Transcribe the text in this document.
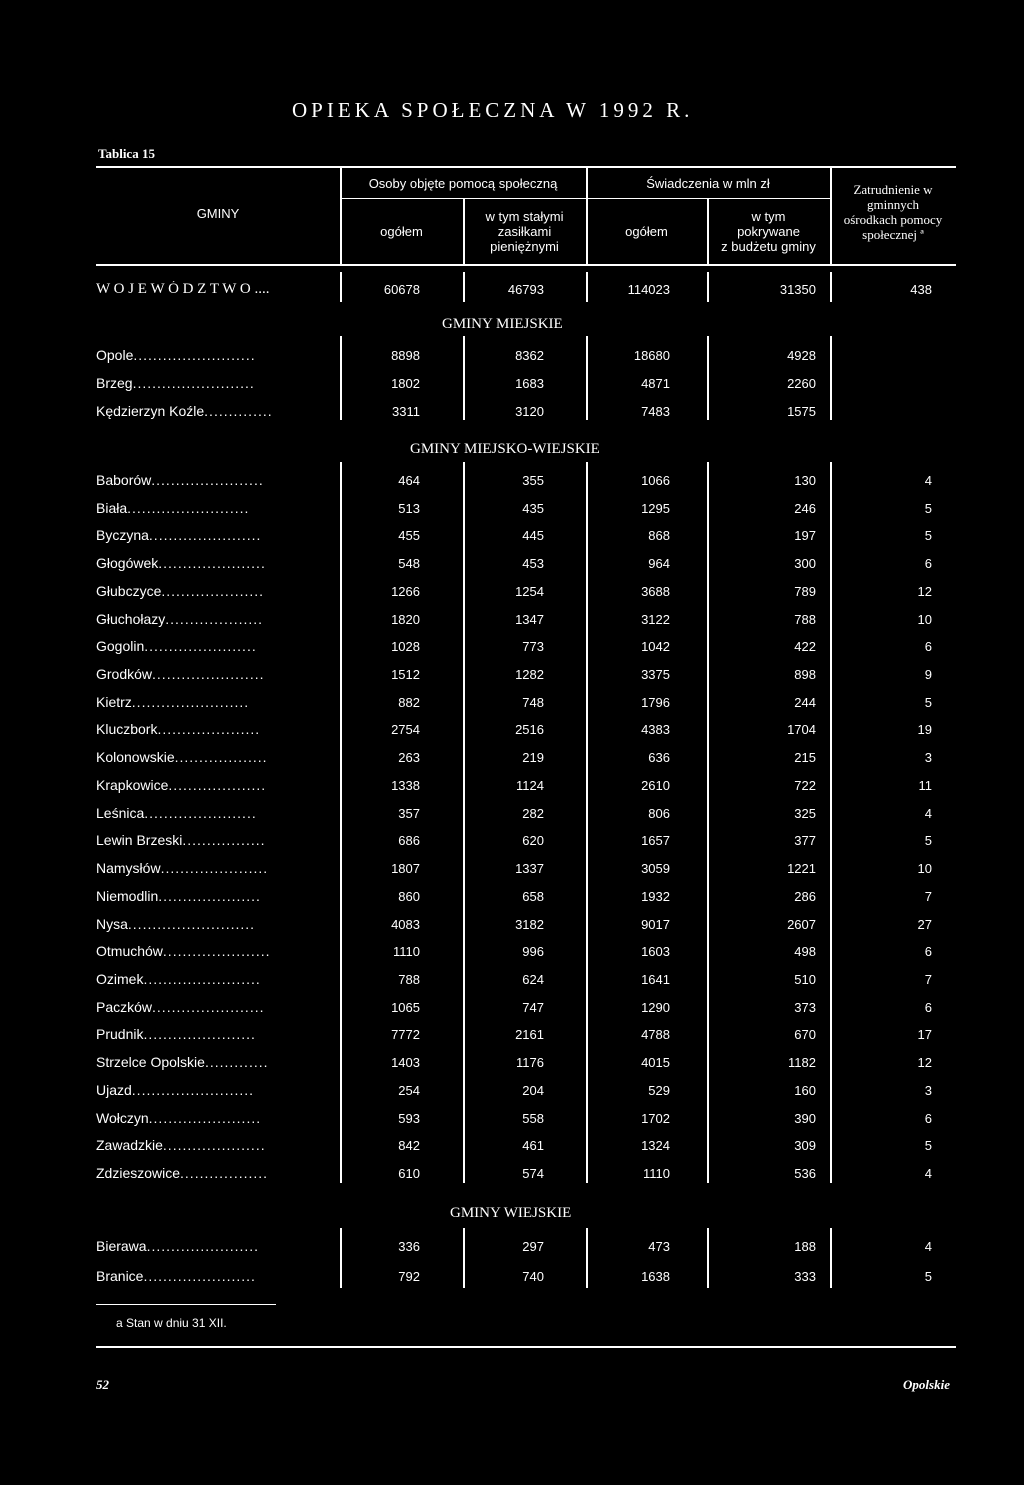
OPIEKA SPOŁECZNA W 1992 R.
Tablica 15
GMINY
Osoby objęte pomocą społeczną
ogółem
w tym stałymi
zasiłkami
pieniężnymi
Świadczenia w mln zł
ogółem
w tym
pokrywane
z budżetu gminy
Zatrudnienie w
gminnych
ośrodkach pomocy
społecznej ª
W O J E W Ó D Z T W O ....	60678	46793	114023	31350	438
GMINY MIEJSKIE
Opole.........................	8898	8362	18680	4928
Brzeg.........................	1802	1683	4871	2260
Kędzierzyn Koźle..............	3311	3120	7483	1575
GMINY MIEJSKO-WIEJSKIE
Baborów.......................	464	355	1066	130	4
Biała.........................	513	435	1295	246	5
Byczyna.......................	455	445	868	197	5
Głogówek......................	548	453	964	300	6
Głubczyce.....................	1266	1254	3688	789	12
Głuchołazy....................	1820	1347	3122	788	10
Gogolin.......................	1028	773	1042	422	6
Grodków.......................	1512	1282	3375	898	9
Kietrz........................	882	748	1796	244	5
Kluczbork.....................	2754	2516	4383	1704	19
Kolonowskie...................	263	219	636	215	3
Krapkowice....................	1338	1124	2610	722	11
Leśnica.......................	357	282	806	325	4
Lewin Brzeski.................	686	620	1657	377	5
Namysłów......................	1807	1337	3059	1221	10
Niemodlin.....................	860	658	1932	286	7
Nysa..........................	4083	3182	9017	2607	27
Otmuchów......................	1110	996	1603	498	6
Ozimek........................	788	624	1641	510	7
Paczków.......................	1065	747	1290	373	6
Prudnik.......................	7772	2161	4788	670	17
Strzelce Opolskie.............	1403	1176	4015	1182	12
Ujazd.........................	254	204	529	160	3
Wołczyn.......................	593	558	1702	390	6
Zawadzkie.....................	842	461	1324	309	5
Zdzieszowice..................	610	574	1110	536	4
GMINY WIEJSKIE
Bierawa.......................	336	297	473	188	4
Branice.......................	792	740	1638	333	5
a Stan w dniu 31 XII.
52	Opolskie
